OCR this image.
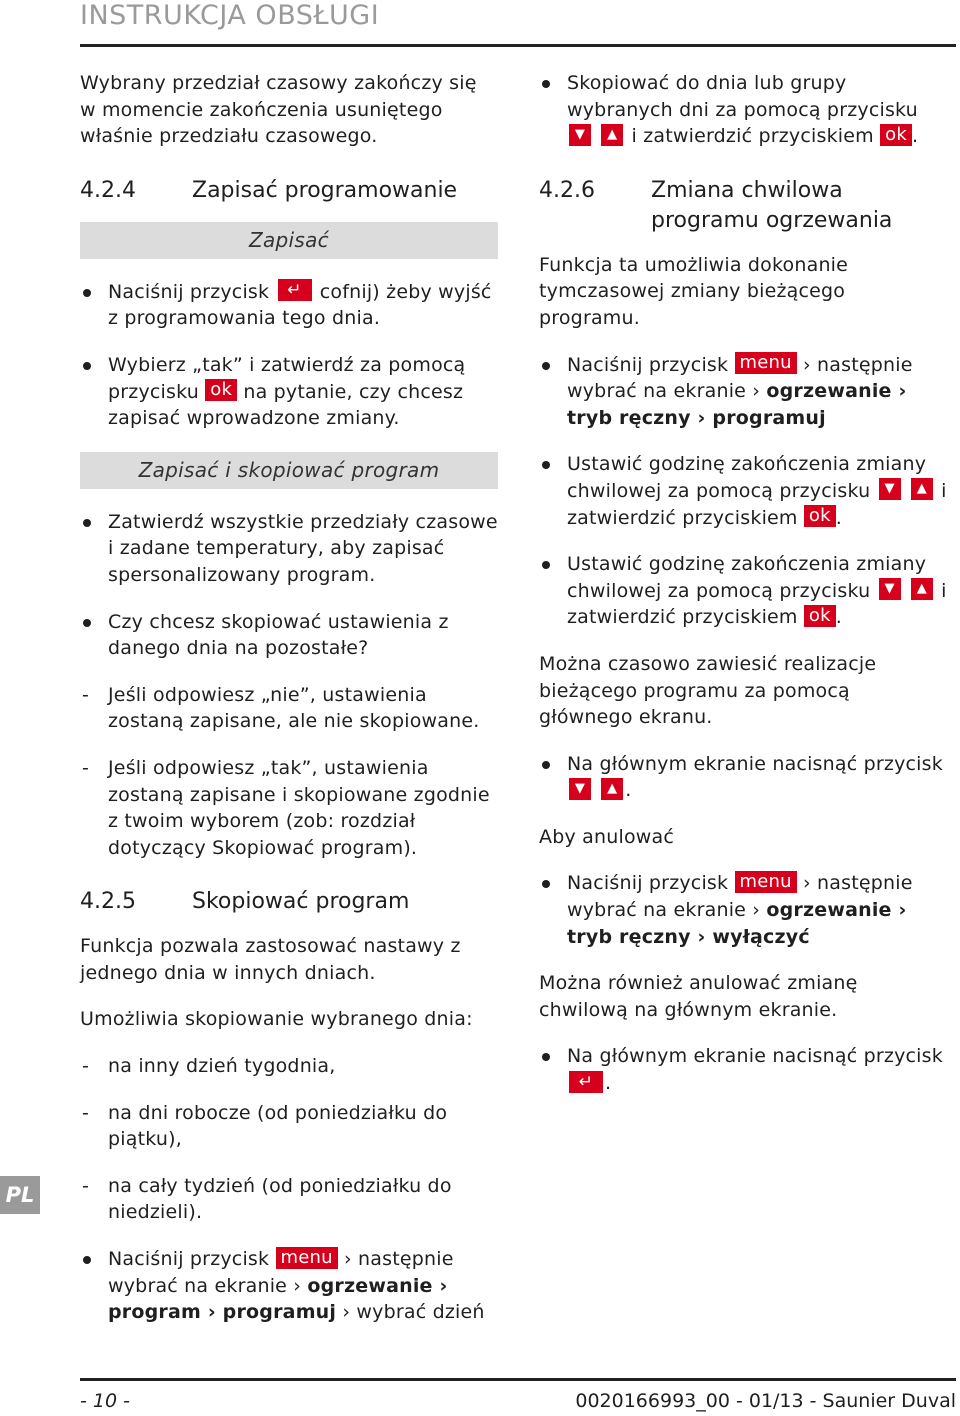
INSTRUKCJA OBSŁUGI

Wybrany przedział czasowy zakończy się w momencie zakończenia usuniętego właśnie przedziału czasowego.

4.2.4	Zapisać programowanie
Zapisać
Naciśnij przycisk ↵ cofnij) żeby wyjść z programowania tego dnia.
Wybierz „tak” i zatwierdź za pomocą przycisku ok na pytanie, czy chcesz zapisać wprowadzone zmiany.
Zapisać i skopiować program
Zatwierdź wszystkie przedziały czasowe i zadane temperatury, aby zapisać spersonalizowany program.
Czy chcesz skopiować ustawienia z danego dnia na pozostałe?
- Jeśli odpowiesz „nie”, ustawienia zostaną zapisane, ale nie skopiowane.
- Jeśli odpowiesz „tak”, ustawienia zostaną zapisane i skopiowane zgodnie z twoim wyborem (zob: rozdział dotyczący Skopiować program).
4.2.5	Skopiować program

Funkcja pozwala zastosować nastawy z jednego dnia w innych dniach.

Umożliwia skopiowanie wybranego dnia:

- na inny dzień tygodnia,
- na dni robocze (od poniedziałku do piątku),
- na cały tydzień (od poniedziałku do niedzieli).
Naciśnij przycisk menu › następnie wybrać na ekranie › ogrzewanie › program › programuj › wybrać dzień
Skopiować do dnia lub grupy wybranych dni za pomocą przycisku ▼ ▲ i zatwierdzić przyciskiem ok .
4.2.6	Zmiana chwilowa programu ogrzewania

Funkcja ta umożliwia dokonanie tymczasowej zmiany bieżącego programu.

Naciśnij przycisk menu › następnie wybrać na ekranie › ogrzewanie › tryb ręczny › programuj
Ustawić godzinę zakończenia zmiany chwilowej za pomocą przycisku ▼ ▲ i zatwierdzić przyciskiem ok .
Ustawić godzinę zakończenia zmiany chwilowej za pomocą przycisku ▼ ▲ i zatwierdzić przyciskiem ok .

Można czasowo zawiesić realizacje bieżącego programu za pomocą głównego ekranu.

Na głównym ekranie nacisnąć przycisk ▼ ▲ .

Aby anulować

Naciśnij przycisk menu › następnie wybrać na ekranie › ogrzewanie › tryb ręczny › wyłączyć

Można również anulować zmianę chwilową na głównym ekranie.

Na głównym ekranie nacisnąć przycisk ↵ .
PL
- 10 -	0020166993_00 - 01/13 - Saunier Duval
